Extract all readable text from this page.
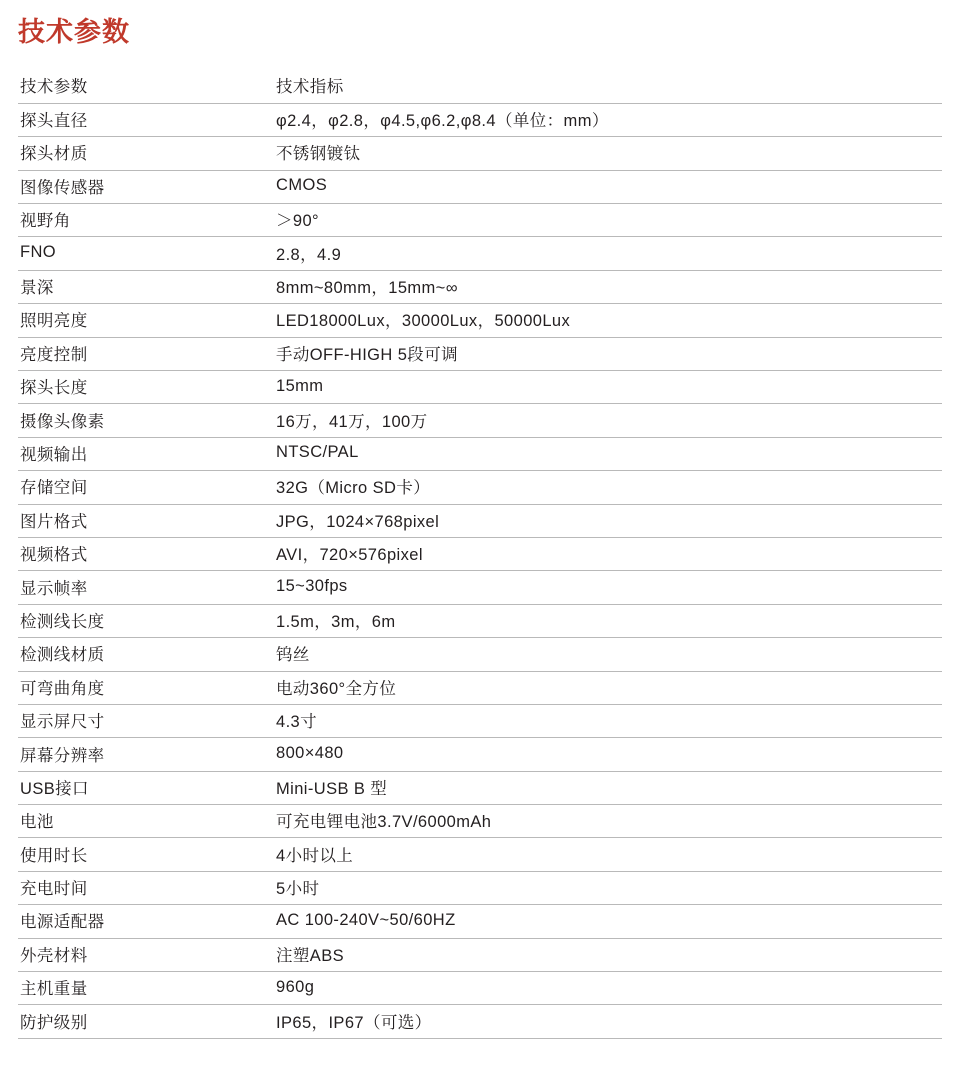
技术参数
技术参数	技术指标
探头直径	φ2.4，φ2.8，φ4.5,φ6.2,φ8.4（单位：mm）
探头材质	不锈钢镀钛
图像传感器	CMOS
视野角	＞90°
FNO	2.8，4.9
景深	8mm~80mm，15mm~∞
照明亮度	LED18000Lux，30000Lux，50000Lux
亮度控制	手动OFF-HIGH 5段可调
探头长度	15mm
摄像头像素	16万，41万，100万
视频输出	NTSC/PAL
存储空间	32G（Micro SD卡）
图片格式	JPG，1024×768pixel
视频格式	AVI，720×576pixel
显示帧率	15~30fps
检测线长度	1.5m，3m，6m
检测线材质	钨丝
可弯曲角度	电动360°全方位
显示屏尺寸	4.3寸
屏幕分辨率	800×480
USB接口	Mini-USB B 型
电池	可充电锂电池3.7V/6000mAh
使用时长	4小时以上
充电时间	5小时
电源适配器	AC 100-240V~50/60HZ
外壳材料	注塑ABS
主机重量	960g
防护级别	IP65，IP67（可选）
